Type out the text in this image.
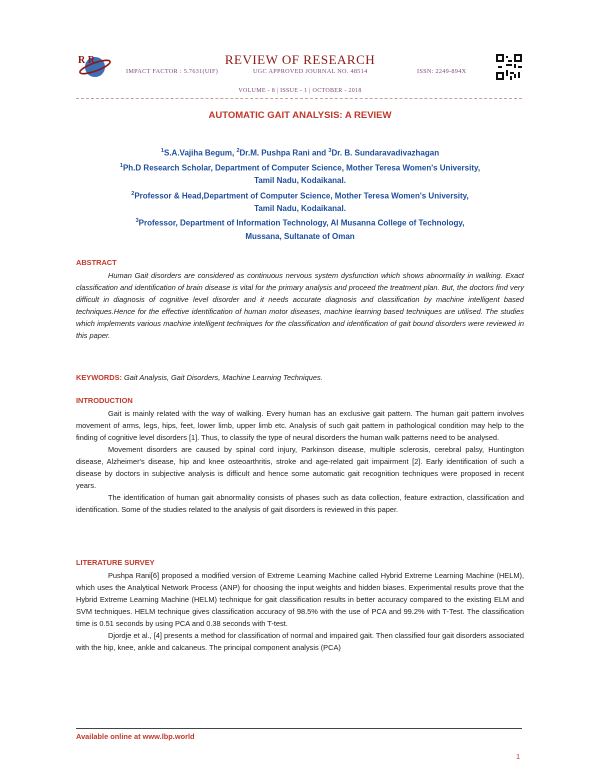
R R	REVIEW OF RESEARCH
IMPACT FACTOR : 5.7631(UIF)	UGC APPROVED JOURNAL NO. 48514	ISSN: 2249-894X
VOLUME - 8 | ISSUE - 1 | OCTOBER - 2018
AUTOMATIC GAIT ANALYSIS: A REVIEW
$^1$S.A.Vajiha Begum, $^2$Dr.M. Pushpa Rani and $^3$Dr. B. Sundaravadivazhagan
$^1$Ph.D Research Scholar, Department of Computer Science, Mother Teresa Women's University,
Tamil Nadu, Kodaikanal.
$^2$Professor & Head,Department of Computer Science, Mother Teresa Women's University,
Tamil Nadu, Kodaikanal.
$^3$Professor, Department of Information Technology, Al Musanna College of Technology,
Mussana, Sultanate of Oman
ABSTRACT

Human Gait disorders are considered as continuous nervous system dysfunction which shows abnormality in walking. Exact classification and identification of brain disease is vital for the primary analysis and proceed the treatment plan. But, the doctors find very difficult in diagnosis of cognitive level disorder and it needs accurate diagnosis and classification by machine intelligent based techniques.Hence for the effective identification of human motor diseases, machine learning based techniques are utilised. The studies which implements various machine intelligent techniques for the classification and identification of gait bound disorders were reviewed in this paper.

KEYWORDS: Gait Analysis, Gait Disorders, Machine Learning Techniques.
INTRODUCTION

Gait is mainly related with the way of walking. Every human has an exclusive gait pattern. The human gait pattern involves movement of arms, legs, hips, feet, lower limb, upper limb etc. Analysis of such gait pattern in pathological condition may help to the finding of cognitive level disorders [1]. Thus, to classify the type of neural disorders the human walk patterns need to be analysed.

Movement disorders are caused by spinal cord injury, Parkinson disease, multiple sclerosis, cerebral palsy, Huntington disease, Alzheimer's disease, hip and knee osteoarthritis, stroke and age-related gait impairment [2]. Early identification of such a disease by doctors in subjective analysis is difficult and hence some automatic gait recognition techniques were proposed in recent years.

The identification of human gait abnormality consists of phases such as data collection, feature extraction, classification and identification. Some of the studies related to the analysis of gait disorders is reviewed in this paper.

LITERATURE SURVEY

Pushpa Rani[6] proposed a modified version of Extreme Learning Machine called Hybrid Extreme Learning Machine (HELM), which uses the Analytical Network Process (ANP) for choosing the input weights and hidden biases. Experimental results prove that the Hybrid Extreme Learning Machine (HELM) technique for gait classification results in better accuracy compared to the existing ELM and SVM techniques. HELM technique gives classification accuracy of 98.5% with the use of PCA and 99.2% with T-Test. The classification time is 0.51 seconds by using PCA and 0.38 seconds with T-test.

Djordje et al., [4] presents a method for classification of normal and impaired gait. Then classified four gait disorders associated with the hip, knee, ankle and calcaneus. The principal component analysis (PCA)

Available online at www.lbp.world
1
